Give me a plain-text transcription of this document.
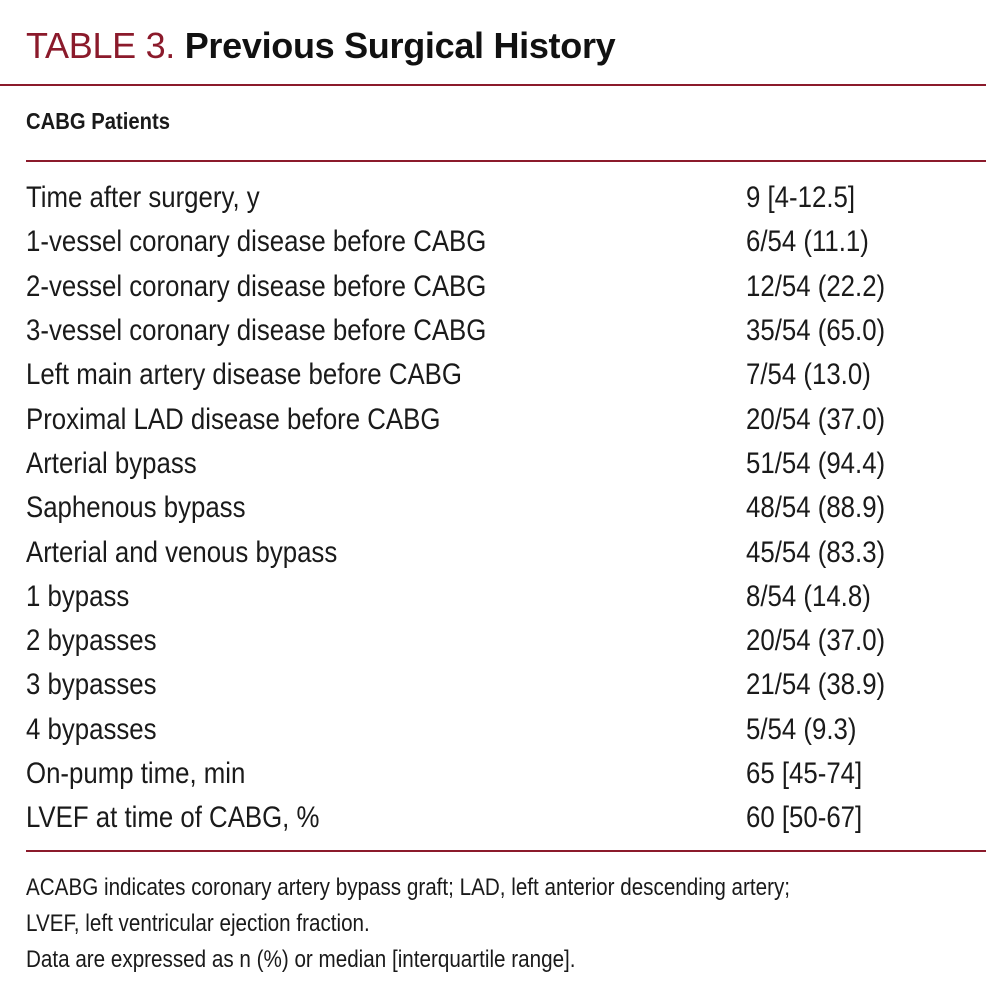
TABLE 3. Previous Surgical History
CABG Patients
Time after surgery, y	9 [4-12.5]
1-vessel coronary disease before CABG	6/54 (11.1)
2-vessel coronary disease before CABG	12/54 (22.2)
3-vessel coronary disease before CABG	35/54 (65.0)
Left main artery disease before CABG	7/54 (13.0)
Proximal LAD disease before CABG	20/54 (37.0)
Arterial bypass	51/54 (94.4)
Saphenous bypass	48/54 (88.9)
Arterial and venous bypass	45/54 (83.3)
1 bypass	8/54 (14.8)
2 bypasses	20/54 (37.0)
3 bypasses	21/54 (38.9)
4 bypasses	5/54 (9.3)
On-pump time, min	65 [45-74]
LVEF at time of CABG, %	60 [50-67]
ACABG indicates coronary artery bypass graft; LAD, left anterior descending artery;
LVEF, left ventricular ejection fraction.
Data are expressed as n (%) or median [interquartile range].
